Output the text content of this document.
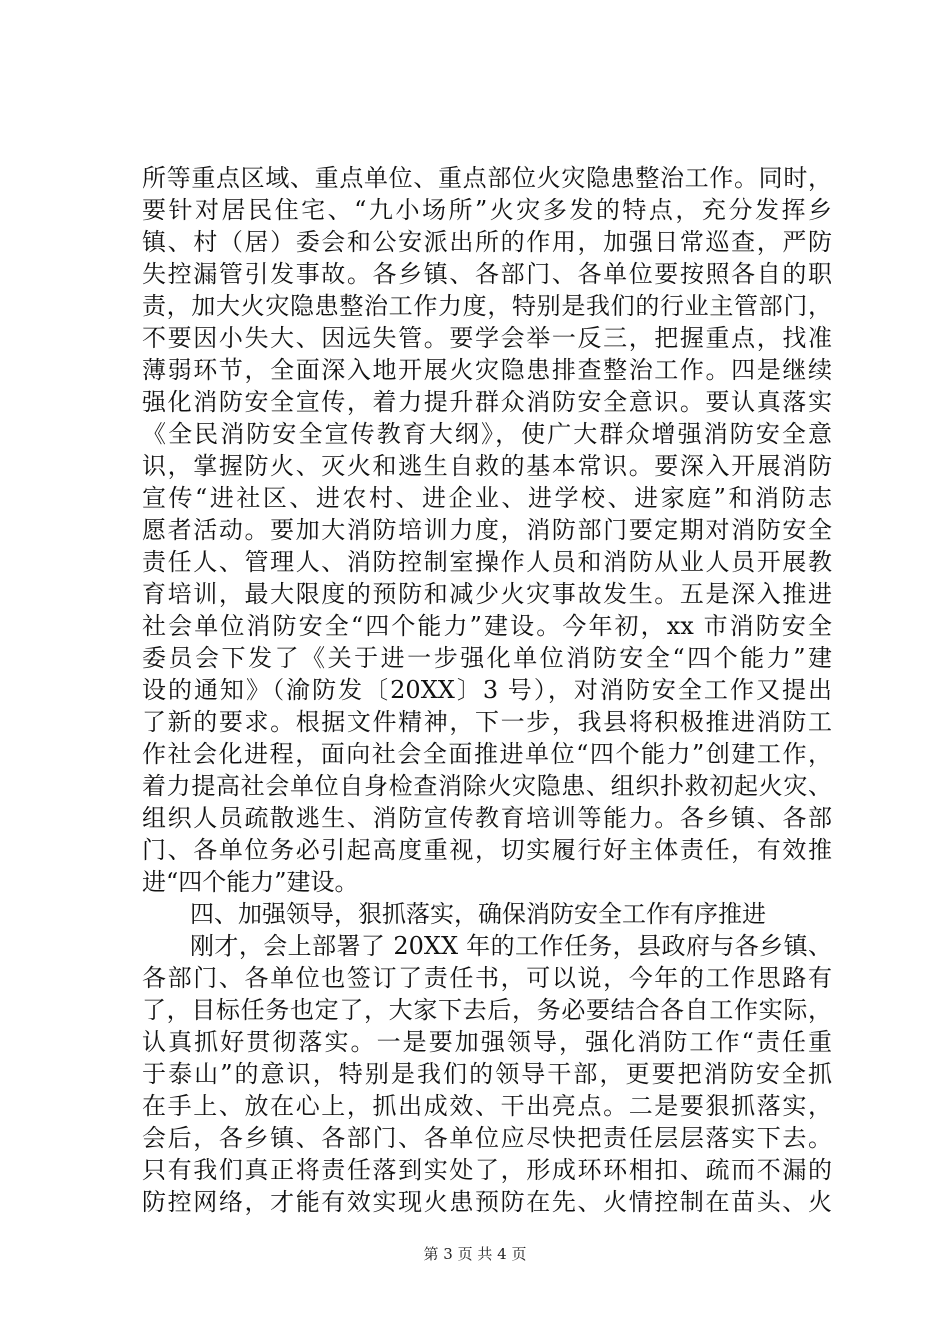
所等重点区域、重点单位、重点部位火灾隐患整治工作。同时，
要针对居民住宅、“九小场所”火灾多发的特点，充分发挥乡
镇、村（居）委会和公安派出所的作用，加强日常巡查，严防
失控漏管引发事故。各乡镇、各部门、各单位要按照各自的职
责，加大火灾隐患整治工作力度，特别是我们的行业主管部门，
不要因小失大、因远失管。要学会举一反三，把握重点，找准
薄弱环节，全面深入地开展火灾隐患排查整治工作。四是继续
强化消防安全宣传，着力提升群众消防安全意识。要认真落实
《全民消防安全宣传教育大纲》，使广大群众增强消防安全意
识，掌握防火、灭火和逃生自救的基本常识。要深入开展消防
宣传“进社区、进农村、进企业、进学校、进家庭”和消防志
愿者活动。要加大消防培训力度，消防部门要定期对消防安全
责任人、管理人、消防控制室操作人员和消防从业人员开展教
育培训，最大限度的预防和减少火灾事故发生。五是深入推进
社会单位消防安全“四个能力”建设。今年初，xx 市消防安全
委员会下发了《关于进一步强化单位消防安全“四个能力”建
设的通知》（渝防发〔20XX〕3 号），对消防安全工作又提出
了新的要求。根据文件精神，下一步，我县将积极推进消防工
作社会化进程，面向社会全面推进单位“四个能力”创建工作，
着力提高社会单位自身检查消除火灾隐患、组织扑救初起火灾、
组织人员疏散逃生、消防宣传教育培训等能力。各乡镇、各部
门、各单位务必引起高度重视，切实履行好主体责任，有效推
进“四个能力”建设。
四、加强领导，狠抓落实，确保消防安全工作有序推进
刚才，会上部署了 20XX 年的工作任务，县政府与各乡镇、
各部门、各单位也签订了责任书，可以说，今年的工作思路有
了，目标任务也定了，大家下去后，务必要结合各自工作实际，
认真抓好贯彻落实。一是要加强领导，强化消防工作“责任重
于泰山”的意识，特别是我们的领导干部，更要把消防安全抓
在手上、放在心上，抓出成效、干出亮点。二是要狠抓落实，
会后，各乡镇、各部门、各单位应尽快把责任层层落实下去。
只有我们真正将责任落到实处了，形成环环相扣、疏而不漏的
防控网络，才能有效实现火患预防在先、火情控制在苗头、火
第 3 页 共 4 页
